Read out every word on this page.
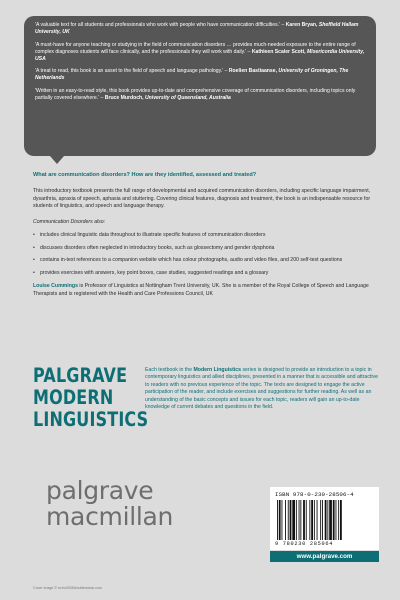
'A valuable text for all students and professionals who work with people who have communication difficulties.' – Karen Bryan, Sheffield Hallam University, UK

'A must-have for anyone teaching or studying in the field of communication disorders … provides much-needed exposure to the entire range of complex diagnoses students will face clinically, and the professionals they will work with daily.' – Kathleen Scaler Scott, Misericordia University, USA

'A treat to read, this book is an asset to the field of speech and language pathology.' – Roelien Bastiaanse, University of Groningen, The Netherlands

'Written in an easy-to-read style, this book provides up-to-date and comprehensive coverage of communication disorders, including topics only partially covered elsewhere.' – Bruce Murdoch, University of Queensland, Australia

What are communication disorders? How are they identified, assessed and treated?

This introductory textbook presents the full range of developmental and acquired communication disorders, including specific language impairment, dysarthria, apraxia of speech, aphasia and stuttering. Covering clinical features, diagnosis and treatment, the book is an indispensable resource for students of linguistics, and speech and language therapy.

Communication Disorders also:

• includes clinical linguistic data throughout to illustrate specific features of communication disorders
• discusses disorders often neglected in introductory books, such as glossectomy and gender dysphoria
• contains in-text references to a companion website which has colour photographs, audio and video files, and 200 self-test questions
• provides exercises with answers, key point boxes, case studies, suggested readings and a glossary

Louise Cummings is Professor of Linguistics at Nottingham Trent University, UK. She is a member of the Royal College of Speech and Language Therapists and is registered with the Health and Care Professions Council, UK

PALGRAVE
MODERN
LINGUISTICS

Each textbook in the Modern Linguistics series is designed to provide an introduction to a topic in contemporary linguistics and allied disciplines, presented in a manner that is accessible and attractive to readers with no previous experience of the topic. The texts are designed to engage the active participation of the reader, and include exercises and suggestions for further reading. As well as an understanding of the basic concepts and issues for each topic, readers will gain an up-to-date knowledge of current debates and questions in the field.

palgrave
macmillan
ISBN 978-0-230-28506-4
9 780230 285064
www.palgrave.com
Cover image © echo3005/shutterstock.com
